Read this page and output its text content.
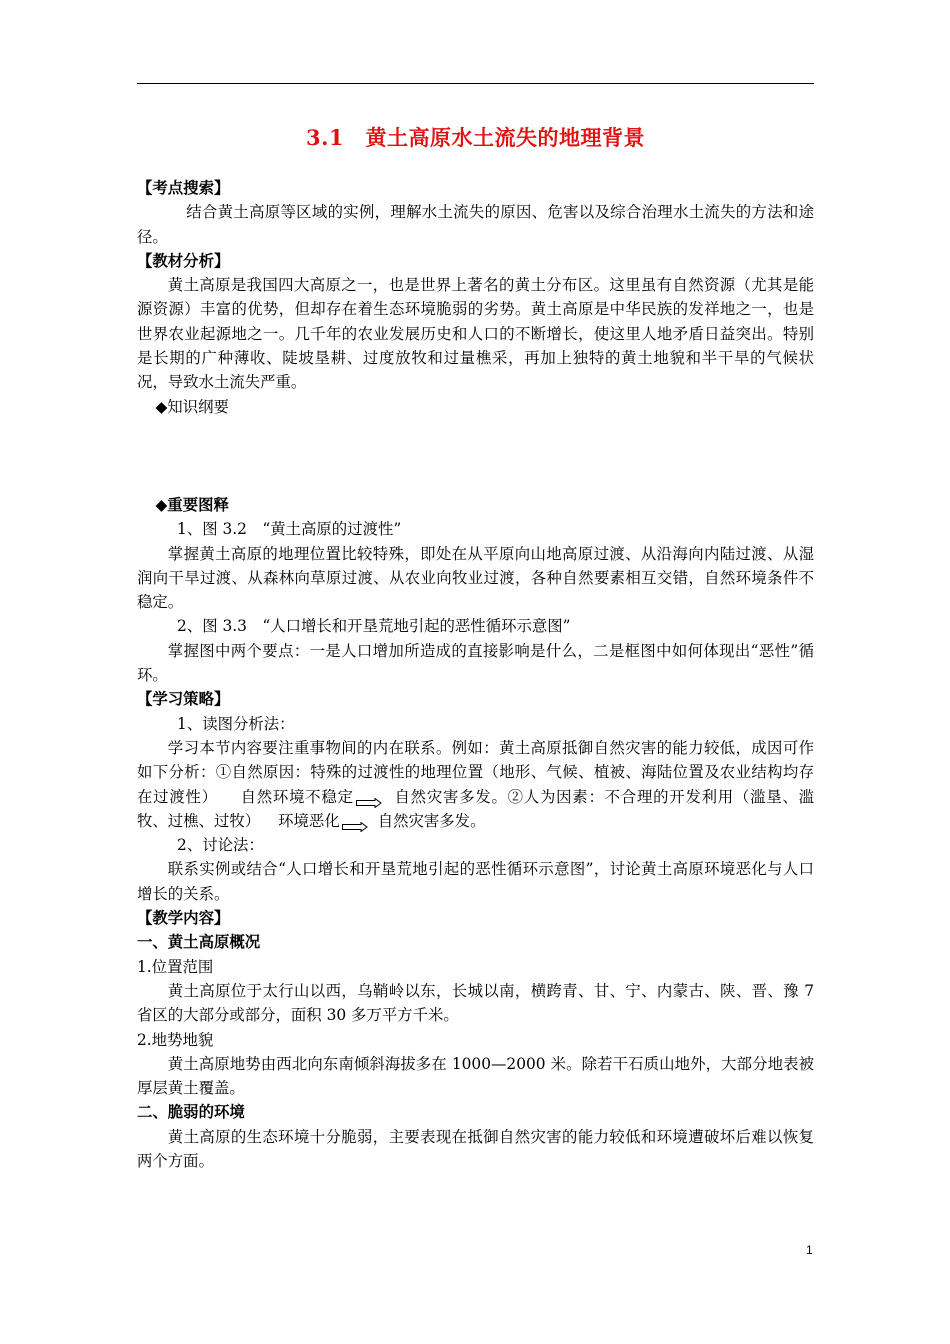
3.1　黄土高原水土流失的地理背景

【考点搜索】

结合黄土高原等区域的实例，理解水土流失的原因、危害以及综合治理水土流失的方法和途径。

【教材分析】

黄土高原是我国四大高原之一，也是世界上著名的黄土分布区。这里虽有自然资源（尤其是能源资源）丰富的优势，但却存在着生态环境脆弱的劣势。黄土高原是中华民族的发祥地之一，也是世界农业起源地之一。几千年的农业发展历史和人口的不断增长，使这里人地矛盾日益突出。特别是长期的广种薄收、陡坡垦耕、过度放牧和过量樵采，再加上独特的黄土地貌和半干旱的气候状况，导致水土流失严重。

◆知识纲要

◆重要图释

1、图 3.2　“黄土高原的过渡性”

掌握黄土高原的地理位置比较特殊，即处在从平原向山地高原过渡、从沿海向内陆过渡、从湿润向干旱过渡、从森林向草原过渡、从农业向牧业过渡，各种自然要素相互交错，自然环境条件不稳定。

2、图 3.3　“人口增长和开垦荒地引起的恶性循环示意图”

掌握图中两个要点：一是人口增加所造成的直接影响是什么，二是框图中如何体现出“恶性”循环。

【学习策略】

1、读图分析法：

学习本节内容要注重事物间的内在联系。例如：黄土高原抵御自然灾害的能力较低，成因可作如下分析：①自然原因：特殊的过渡性的地理位置（地形、气候、植被、海陆位置及农业结构均存在过渡性） 自然环境不稳定	自然灾害多发。②人为因素：不合理的开发利用（滥垦、滥牧、过樵、过牧） 环境恶化 自然灾害多发。

2、讨论法：

联系实例或结合“人口增长和开垦荒地引起的恶性循环示意图”，讨论黄土高原环境恶化与人口增长的关系。

【教学内容】

一、黄土高原概况

1.位置范围

黄土高原位于太行山以西，乌鞘岭以东，长城以南，横跨青、甘、宁、内蒙古、陕、晋、豫 7 省区的大部分或部分，面积 30 多万平方千米。

2.地势地貌

黄土高原地势由西北向东南倾斜海拔多在 1000—2000 米。除若干石质山地外，大部分地表被厚层黄土覆盖。

二、脆弱的环境

黄土高原的生态环境十分脆弱，主要表现在抵御自然灾害的能力较低和环境遭破坏后难以恢复两个方面。

1
